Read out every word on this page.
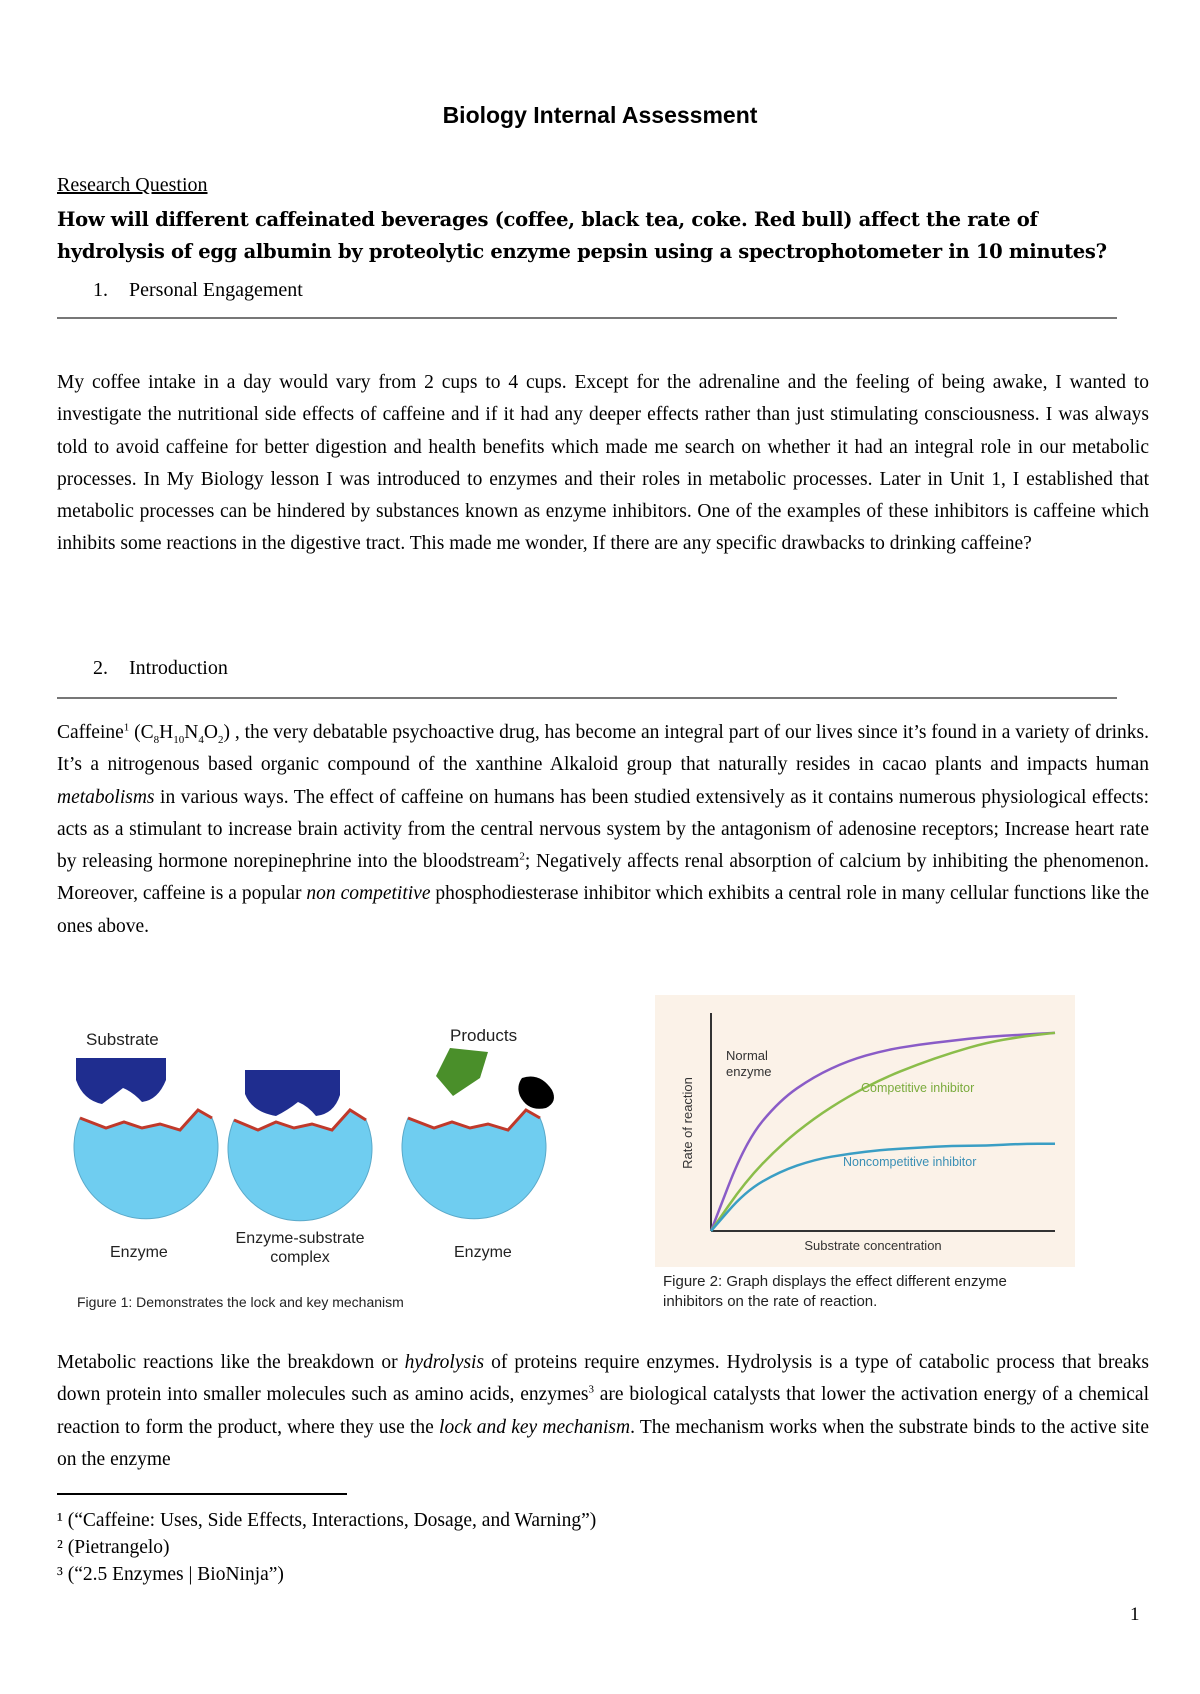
Biology Internal Assessment
Research Question
How will different caffeinated beverages (coffee, black tea, coke. Red bull) affect the rate of hydrolysis of egg albumin by proteolytic enzyme pepsin using a spectrophotometer in 10 minutes?
1. Personal Engagement
My coffee intake in a day would vary from 2 cups to 4 cups. Except for the adrenaline and the feeling of being awake, I wanted to investigate the nutritional side effects of caffeine and if it had any deeper effects rather than just stimulating consciousness. I was always told to avoid caffeine for better digestion and health benefits which made me search on whether it had an integral role in our metabolic processes. In My Biology lesson I was introduced to enzymes and their roles in metabolic processes. Later in Unit 1, I established that metabolic processes can be hindered by substances known as enzyme inhibitors. One of the examples of these inhibitors is caffeine which inhibits some reactions in the digestive tract. This made me wonder, If there are any specific drawbacks to drinking caffeine?
2. Introduction
Caffeine$^1$ $(C_8H_{10}N_4O_2)$ , the very debatable psychoactive drug, has become an integral part of our lives since it’s found in a variety of drinks. It’s a nitrogenous based organic compound of the xanthine Alkaloid group that naturally resides in cacao plants and impacts human metabolisms in various ways. The effect of caffeine on humans has been studied extensively as it contains numerous physiological effects: acts as a stimulant to increase brain activity from the central nervous system by the antagonism of adenosine receptors; Increase heart rate by releasing hormone norepinephrine into the bloodstream$^2$; Negatively affects renal absorption of calcium by inhibiting the phenomenon. Moreover, caffeine is a popular non competitive phosphodiesterase inhibitor which exhibits a central role in many cellular functions like the ones above.
Substrate	Products
Enzyme
Enzyme-substrate
complex	Enzyme
Figure 1: Demonstrates the lock and key mechanism
Normal
enzyme
Competitive inhibitor
Noncompetitive inhibitor
Rate of reaction
Substrate concentration
Figure 2: Graph displays the effect different enzyme
inhibitors on the rate of reaction.
Metabolic reactions like the breakdown or hydrolysis of proteins require enzymes. Hydrolysis is a type of catabolic process that breaks down protein into smaller molecules such as amino acids, enzymes$^3$ are biological catalysts that lower the activation energy of a chemical reaction to form the product, where they use the lock and key mechanism. The mechanism works when the substrate binds to the active site on the enzyme
¹ (“Caffeine: Uses, Side Effects, Interactions, Dosage, and Warning”)
² (Pietrangelo)
³ (“2.5 Enzymes | BioNinja”)
1
